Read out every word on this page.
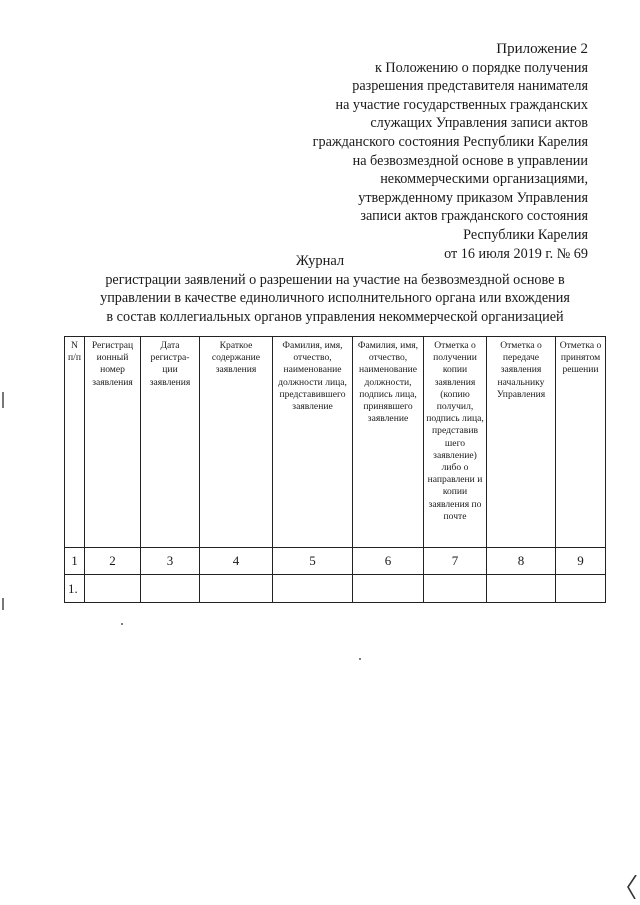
Приложение 2
к Положению о порядке получения
разрешения представителя нанимателя
на участие государственных гражданских
служащих Управления записи актов
гражданского состояния Республики Карелия
на безвозмездной основе в управлении
некоммерческими организациями,
утвержденному приказом Управления
записи актов гражданского состояния
Республики Карелия
от 16 июля 2019 г. № 69
Журнал
регистрации заявлений о разрешении на участие на безвозмездной основе в
управлении в качестве единоличного исполнительного органа или вхождения
в состав коллегиальных органов управления некоммерческой организацией
N п/п	Регистрац ионный номер заявления	Дата регистра- ции заявления	Краткое содержание заявления	Фамилия, имя, отчество, наименование должности лица, представившего заявление	Фамилия, имя, отчество, наименование должности, подпись лица, принявшего заявление	Отметка о получении копии заявления (копию получил, подпись лица, представив шего заявление) либо о направлени и копии заявления по почте	Отметка о передаче заявления начальнику Управления	Отметка о принятом решении

1	2	3	4	5	6	7	8	9
1.								
